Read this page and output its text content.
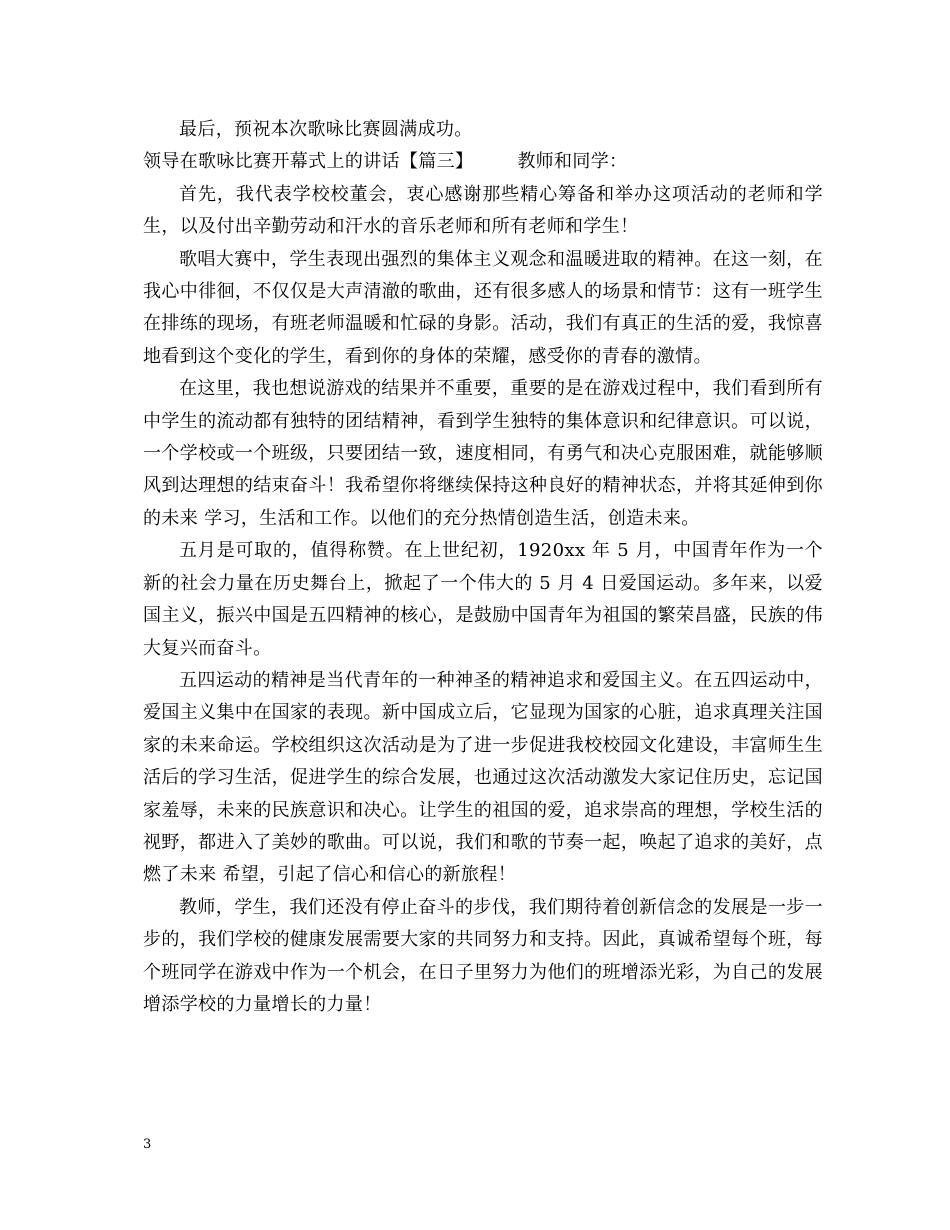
最后，预祝本次歌咏比赛圆满成功。

领导在歌咏比赛开幕式上的讲话【篇三】 教师和同学：

首先，我代表学校校董会，衷心感谢那些精心筹备和举办这项活动的老师和学生，以及付出辛勤劳动和汗水的音乐老师和所有老师和学生！

歌唱大赛中，学生表现出强烈的集体主义观念和温暖进取的精神。在这一刻，在我心中徘徊，不仅仅是大声清澈的歌曲，还有很多感人的场景和情节：这有一班学生在排练的现场，有班老师温暖和忙碌的身影。活动，我们有真正的生活的爱，我惊喜地看到这个变化的学生，看到你的身体的荣耀，感受你的青春的激情。

在这里，我也想说游戏的结果并不重要，重要的是在游戏过程中，我们看到所有中学生的流动都有独特的团结精神，看到学生独特的集体意识和纪律意识。可以说，一个学校或一个班级，只要团结一致，速度相同，有勇气和决心克服困难，就能够顺风到达理想的结束奋斗！我希望你将继续保持这种良好的精神状态，并将其延伸到你的未来 学习，生活和工作。以他们的充分热情创造生活，创造未来。

五月是可取的，值得称赞。在上世纪初，1920xx 年 5 月，中国青年作为一个新的社会力量在历史舞台上，掀起了一个伟大的 5 月 4 日爱国运动。多年来，以爱国主义，振兴中国是五四精神的核心，是鼓励中国青年为祖国的繁荣昌盛，民族的伟大复兴而奋斗。

五四运动的精神是当代青年的一种神圣的精神追求和爱国主义。在五四运动中，爱国主义集中在国家的表现。新中国成立后，它显现为国家的心脏，追求真理关注国家的未来命运。学校组织这次活动是为了进一步促进我校校园文化建设，丰富师生生活后的学习生活，促进学生的综合发展，也通过这次活动激发大家记住历史，忘记国家羞辱，未来的民族意识和决心。让学生的祖国的爱，追求崇高的理想，学校生活的视野，都进入了美妙的歌曲。可以说，我们和歌的节奏一起，唤起了追求的美好，点燃了未来 希望，引起了信心和信心的新旅程！

教师，学生，我们还没有停止奋斗的步伐，我们期待着创新信念的发展是一步一步的，我们学校的健康发展需要大家的共同努力和支持。因此，真诚希望每个班，每个班同学在游戏中作为一个机会，在日子里努力为他们的班增添光彩，为自己的发展增添学校的力量增长的力量！

3
